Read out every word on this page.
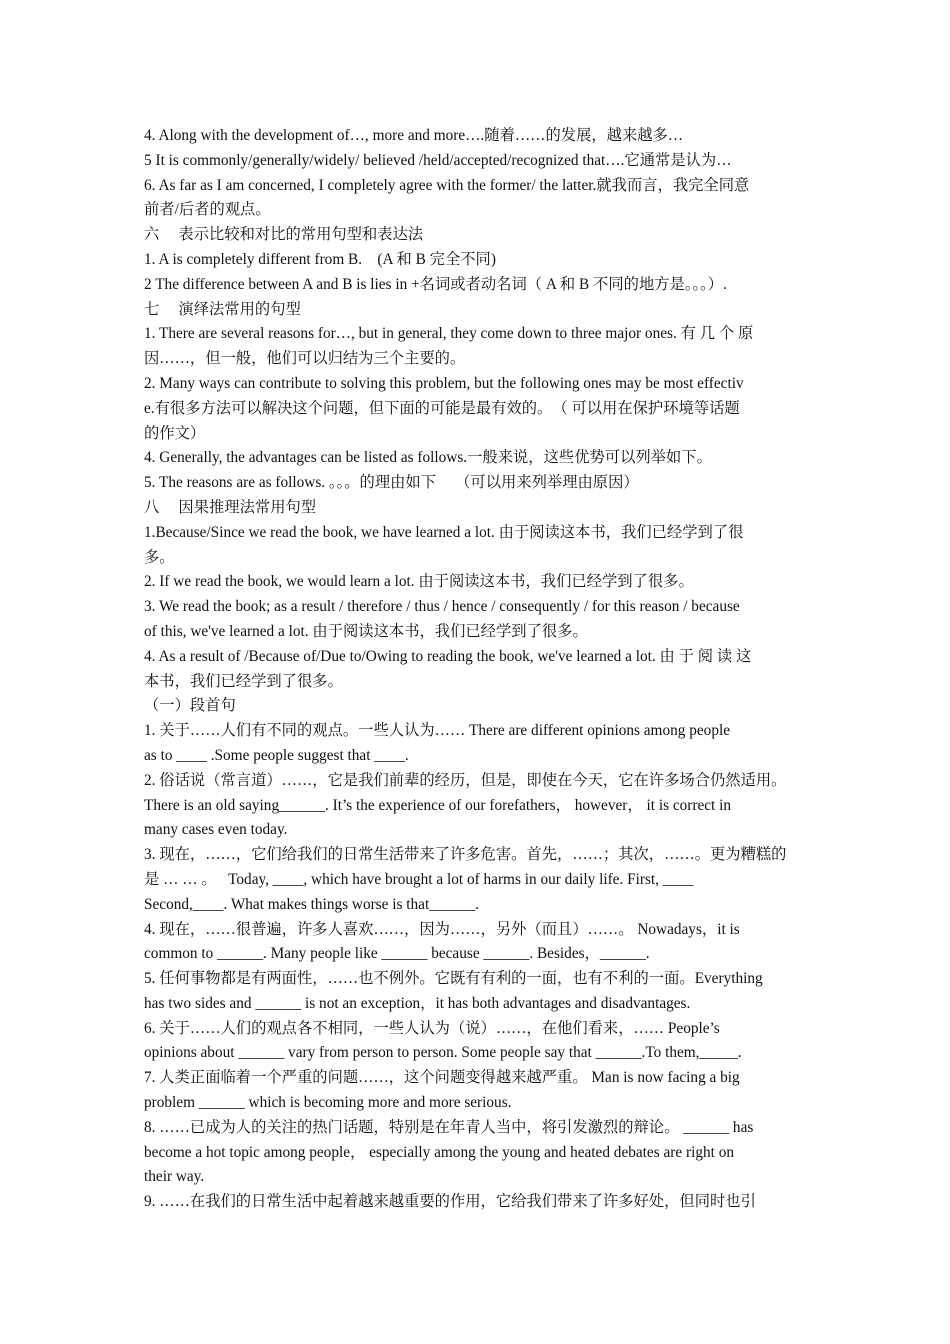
4. Along with the development of…, more and more….随着……的发展，越来越多…
5 It is commonly/generally/widely/ believed /held/accepted/recognized that….它通常是认为…
6. As far as I am concerned, I completely agree with the former/ the latter.就我而言，我完全同意
前者/后者的观点。
六　 表示比较和对比的常用句型和表达法
1. A is completely different from B.　(A 和 B 完全不同)
2 The difference between A and B is lies in +名词或者动名词（ A 和 B 不同的地方是。。。）.
七　 演绎法常用的句型
1. There are several reasons for…, but in general, they come down to three major ones. 有 几 个 原
因……，但一般，他们可以归结为三个主要的。
2. Many ways can contribute to solving this problem, but the following ones may be most effectiv
e.有很多方法可以解决这个问题，但下面的可能是最有效的。　（ 可以用在保护环境等话题
的作文）
4. Generally, the advantages can be listed as follows.一般来说，这些优势可以列举如下。
5. The reasons are as follows. 。。。的理由如下　 （可以用来列举理由原因）
八　 因果推理法常用句型
1.Because/Since we read the book, we have learned a lot. 由于阅读这本书，我们已经学到了很
多。
2. If we read the book, we would learn a lot. 由于阅读这本书，我们已经学到了很多。
3. We read the book; as a result / therefore / thus / hence / consequently / for this reason / because
of this, we've learned a lot. 由于阅读这本书，我们已经学到了很多。
4. As a result of /Because of/Due to/Owing to reading the book, we've learned a lot. 由 于 阅 读 这
本书，我们已经学到了很多。
（一）段首句
1. 关于……人们有不同的观点。一些人认为…… There are different opinions among people
as to ____ .Some people suggest that ____.
2. 俗话说（常言道）……，它是我们前辈的经历，但是，即使在今天，它在许多场合仍然适用。
There is an old saying______. It’s the experience of our forefathers， however， it is correct in
many cases even today.
3. 现在，……，它们给我们的日常生活带来了许多危害。首先，……；其次，……。更为糟糕的
是 … … 。　 Today, ____, which have brought a lot of harms in our daily life. First, ____
Second,____. What makes things worse is that______.
4. 现在，……很普遍，许多人喜欢……，因为……，另外（而且）……。 Nowadays，it is
common to ______. Many people like ______ because ______. Besides，______.
5. 任何事物都是有两面性，……也不例外。它既有有利的一面，也有不利的一面。Everything
has two sides and ______ is not an exception，it has both advantages and disadvantages.
6. 关于……人们的观点各不相同，一些人认为（说）……，在他们看来，…… People’s
opinions about ______ vary from person to person. Some people say that ______.To them,_____.
7. 人类正面临着一个严重的问题……，这个问题变得越来越严重。 Man is now facing a big
problem ______ which is becoming more and more serious.
8. ……已成为人的关注的热门话题，特别是在年青人当中，将引发激烈的辩论。 ______ has
become a hot topic among people， especially among the young and heated debates are right on
their way.
9. ……在我们的日常生活中起着越来越重要的作用，它给我们带来了许多好处，但同时也引
